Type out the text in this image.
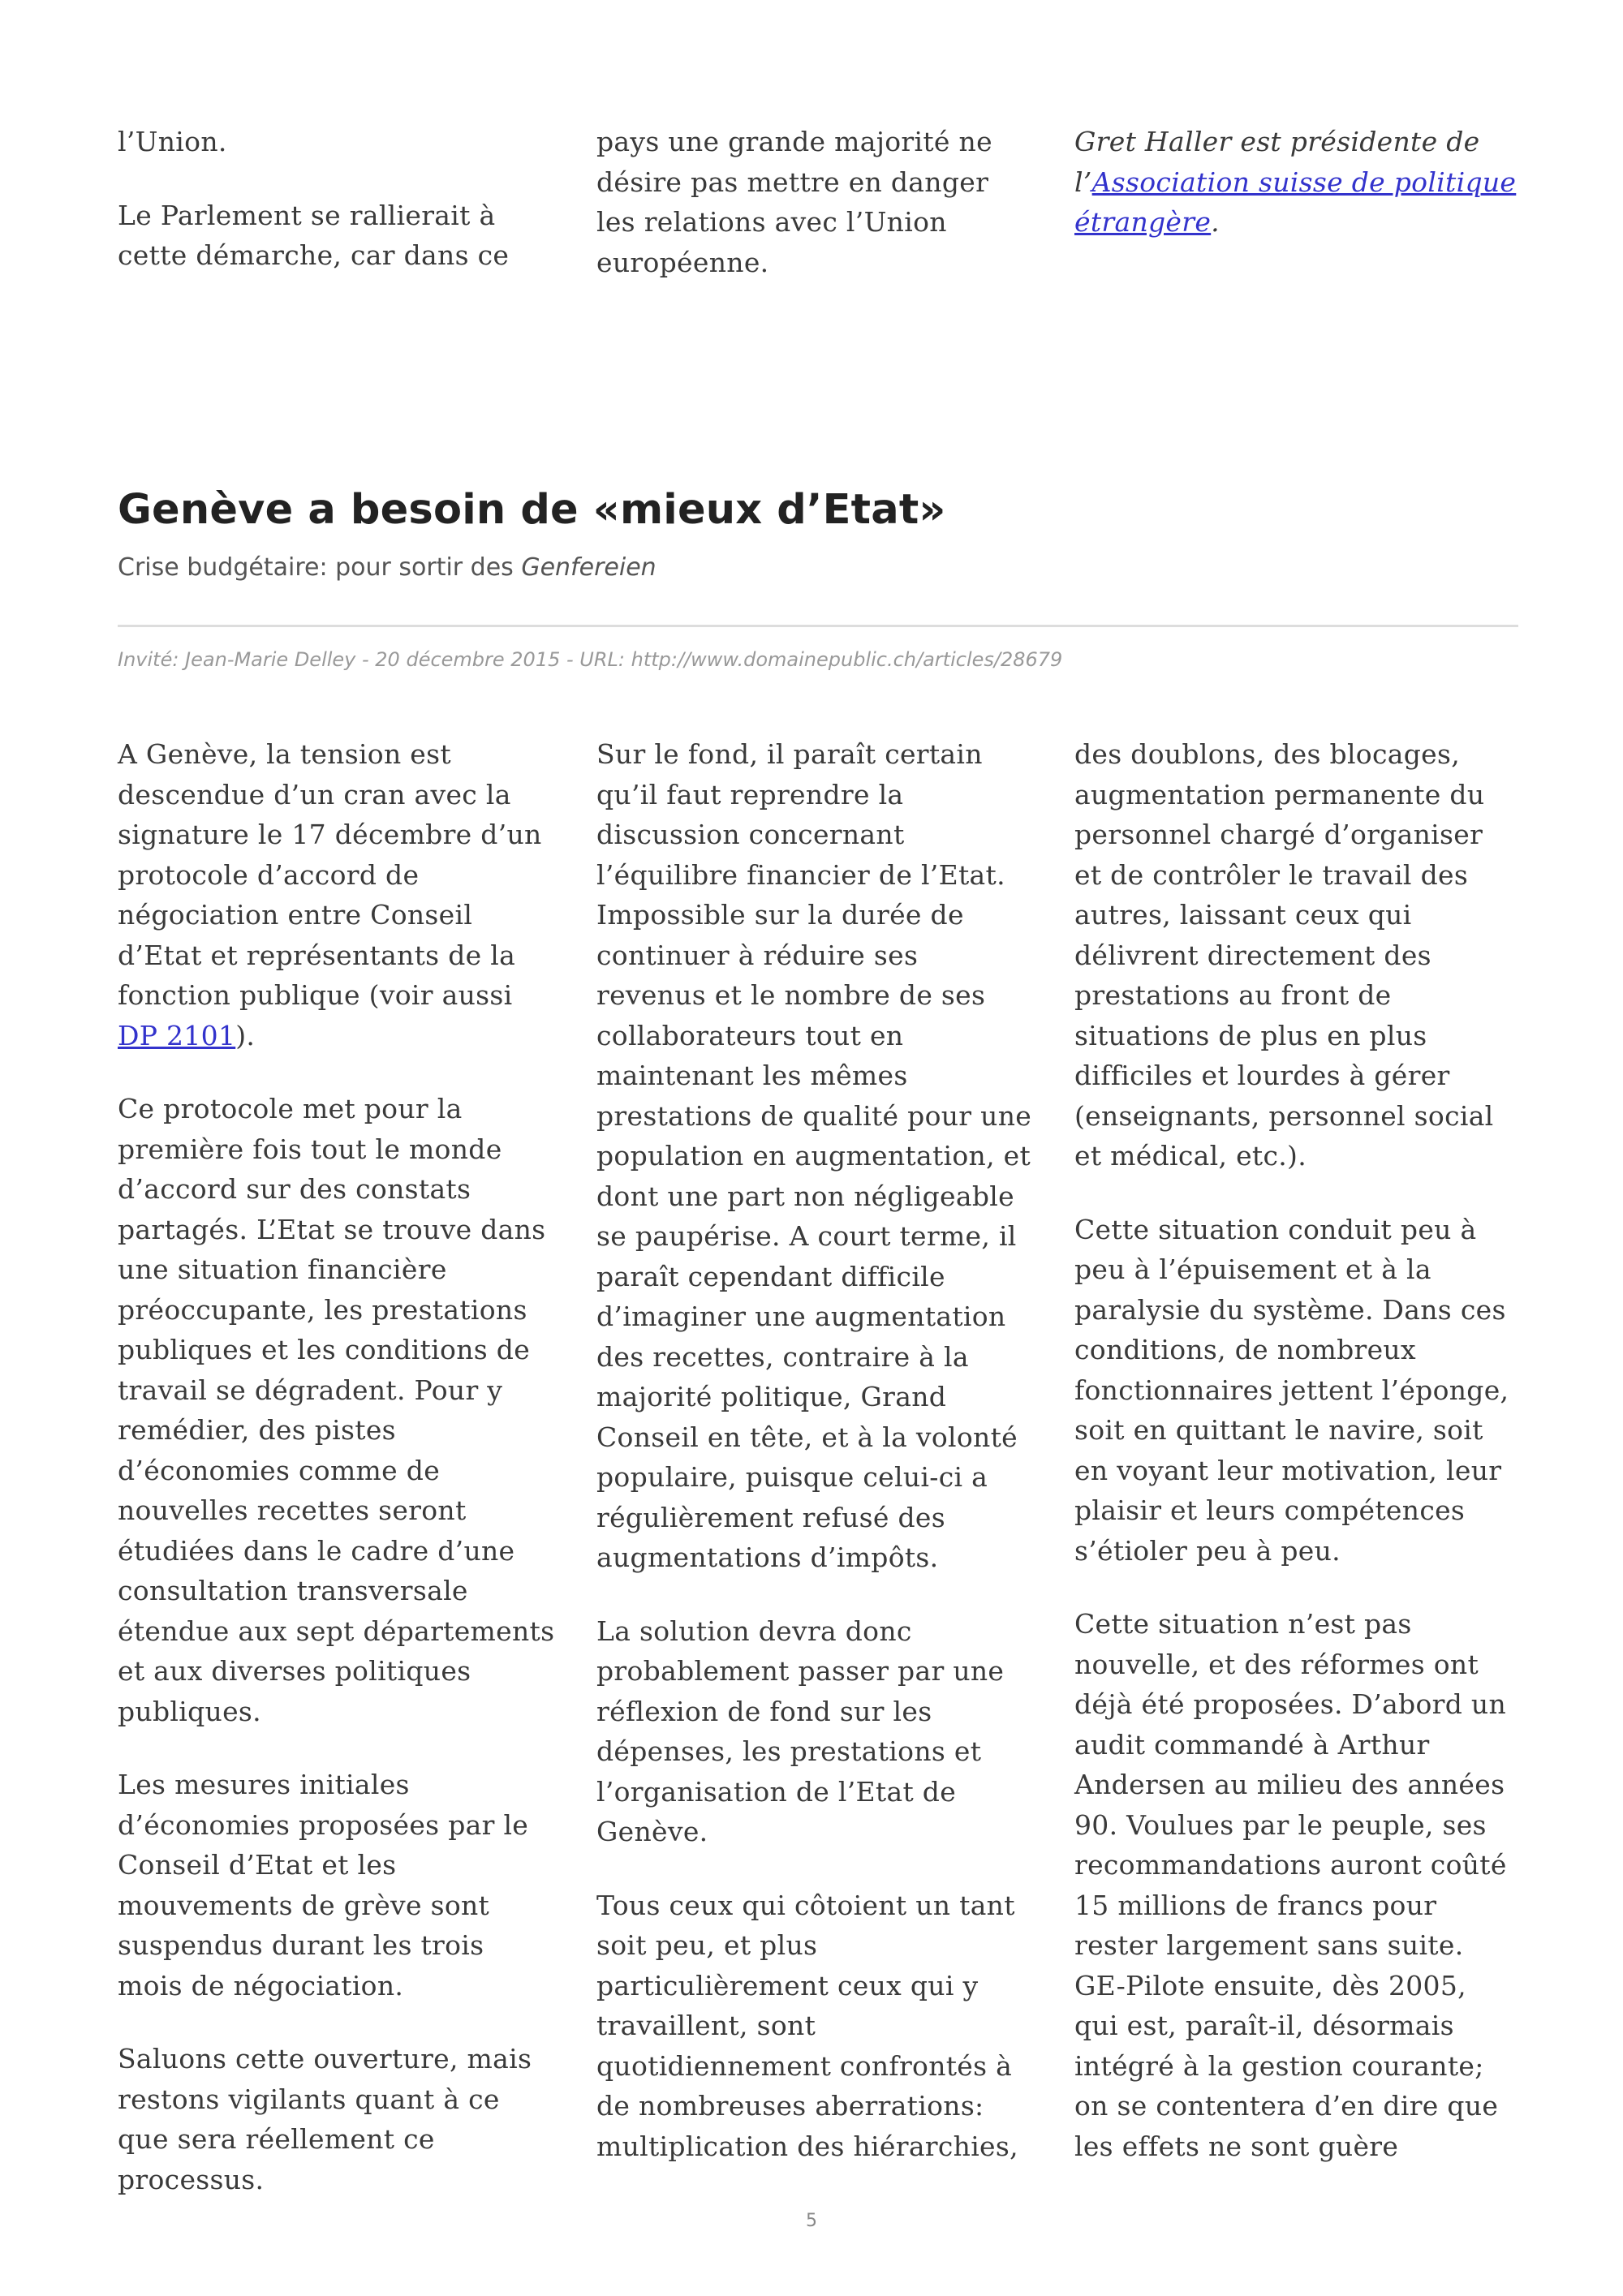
l’Union.

Le Parlement se rallierait à cette démarche, car dans ce

pays une grande majorité ne désire pas mettre en danger les relations avec l’Union européenne.

Gret Haller est présidente de l’Association suisse de politique étrangère.

Genève a besoin de «mieux d’Etat»

Crise budgétaire: pour sortir des Genfereien

Invité: Jean-Marie Delley - 20 décembre 2015 - URL: http://www.domainepublic.ch/articles/28679

A Genève, la tension est descendue d’un cran avec la signature le 17 décembre d’un protocole d’accord de négociation entre Conseil d’Etat et représentants de la fonction publique (voir aussi DP 2101).

Ce protocole met pour la première fois tout le monde d’accord sur des constats partagés. L’Etat se trouve dans une situation financière préoccupante, les prestations publiques et les conditions de travail se dégradent. Pour y remédier, des pistes d’économies comme de nouvelles recettes seront étudiées dans le cadre d’une consultation transversale étendue aux sept départements et aux diverses politiques publiques.

Les mesures initiales d’économies proposées par le Conseil d’Etat et les mouvements de grève sont suspendus durant les trois mois de négociation.

Saluons cette ouverture, mais restons vigilants quant à ce que sera réellement ce processus.

Sur le fond, il paraît certain qu’il faut reprendre la discussion concernant l’équilibre financier de l’Etat. Impossible sur la durée de continuer à réduire ses revenus et le nombre de ses collaborateurs tout en maintenant les mêmes prestations de qualité pour une population en augmentation, et dont une part non négligeable se paupérise. A court terme, il paraît cependant difficile d’imaginer une augmentation des recettes, contraire à la majorité politique, Grand Conseil en tête, et à la volonté populaire, puisque celui-ci a régulièrement refusé des augmentations d’impôts.

La solution devra donc probablement passer par une réflexion de fond sur les dépenses, les prestations et l’organisation de l’Etat de Genève.

Tous ceux qui côtoient un tant soit peu, et plus particulièrement ceux qui y travaillent, sont quotidiennement confrontés à de nombreuses aberrations: multiplication des hiérarchies,

des doublons, des blocages, augmentation permanente du personnel chargé d’organiser et de contrôler le travail des autres, laissant ceux qui délivrent directement des prestations au front de situations de plus en plus difficiles et lourdes à gérer (enseignants, personnel social et médical, etc.).

Cette situation conduit peu à peu à l’épuisement et à la paralysie du système. Dans ces conditions, de nombreux fonctionnaires jettent l’éponge, soit en quittant le navire, soit en voyant leur motivation, leur plaisir et leurs compétences s’étioler peu à peu.

Cette situation n’est pas nouvelle, et des réformes ont déjà été proposées. D’abord un audit commandé à Arthur Andersen au milieu des années 90. Voulues par le peuple, ses recommandations auront coûté 15 millions de francs pour rester largement sans suite. GE-Pilote ensuite, dès 2005, qui est, paraît-il, désormais intégré à la gestion courante; on se contentera d’en dire que les effets ne sont guère

5
